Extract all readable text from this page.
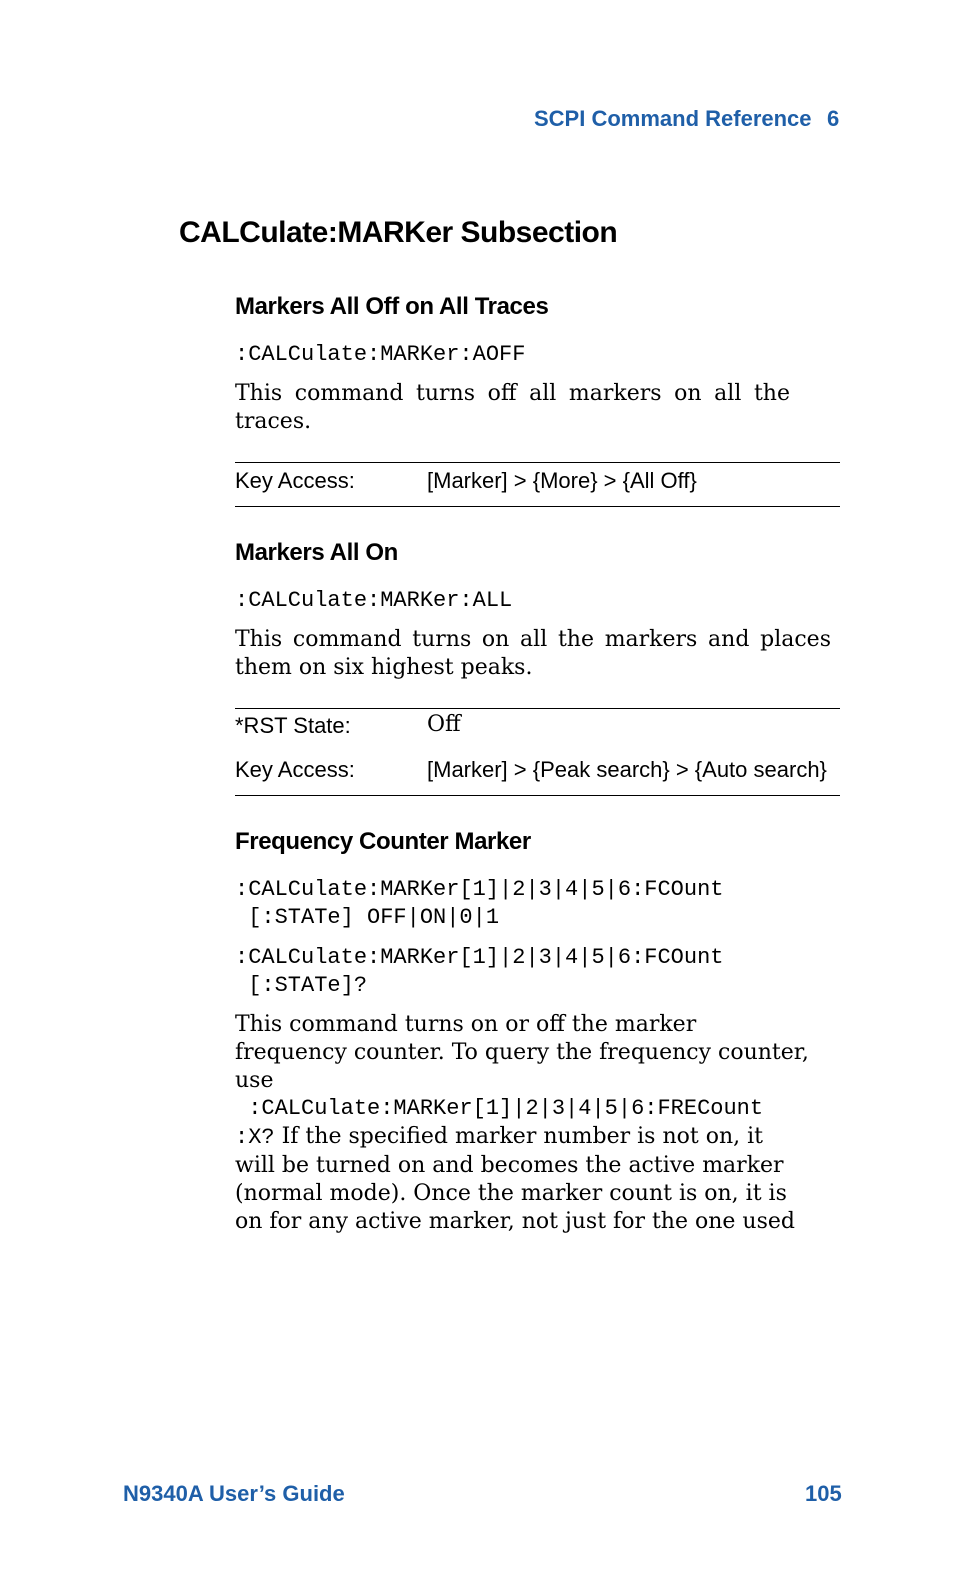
SCPI Command Reference 6
CALCulate:MARKer Subsection
Markers All Off on All Traces
:CALCulate:MARKer:AOFF
This command turns off all markers on all the traces.
Key Access:	[Marker] > {More} > {All Off}
Markers All On
:CALCulate:MARKer:ALL
This command turns on all the markers and places them on six highest peaks.
*RST State:	Off
Key Access:	[Marker] > {Peak search} > {Auto search}
Frequency Counter Marker
:CALCulate:MARKer[1]|2|3|4|5|6:FCOunt
[:STATe] OFF|ON|0|1
:CALCulate:MARKer[1]|2|3|4|5|6:FCOunt
[:STATe]?
This command turns on or off the marker
frequency counter. To query the frequency counter,
use
:CALCulate:MARKer[1]|2|3|4|5|6:FRECount
:X? If the specified marker number is not on, it
will be turned on and becomes the active marker
(normal mode). Once the marker count is on, it is
on for any active marker, not just for the one used
N9340A User’s Guide	105
